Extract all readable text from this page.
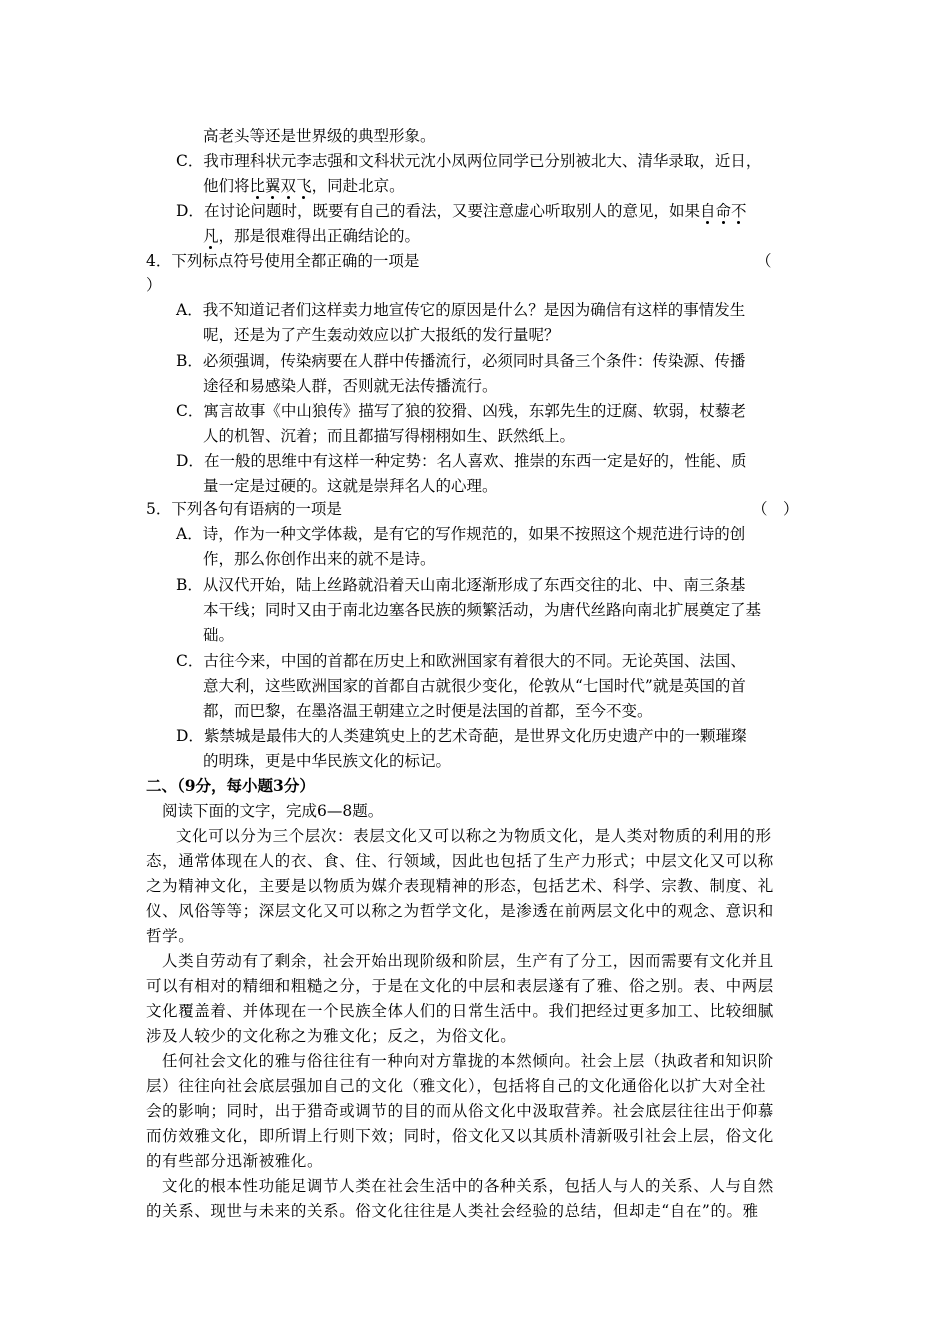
高老头等还是世界级的典型形象。
C．我市理科状元李志强和文科状元沈小凤两位同学已分别被北大、清华录取，近日，
他们将比翼双飞，同赴北京。
D．在讨论问题时，既要有自己的看法，又要注意虚心听取别人的意见，如果自命不
凡，那是很难得出正确结论的。
4．下列标点符号使用全都正确的一项是	（
）
A．我不知道记者们这样卖力地宣传它的原因是什么？是因为确信有这样的事情发生
呢，还是为了产生轰动效应以扩大报纸的发行量呢？
B．必须强调，传染病要在人群中传播流行，必须同时具备三个条件：传染源、传播
途径和易感染人群，否则就无法传播流行。
C．寓言故事《中山狼传》描写了狼的狡猾、凶残，东郭先生的迂腐、软弱，杖藜老
人的机智、沉着；而且都描写得栩栩如生、跃然纸上。
D．在一般的思维中有这样一种定势：名人喜欢、推崇的东西一定是好的，性能、质
量一定是过硬的。这就是崇拜名人的心理。
5．下列各句有语病的一项是	（　）
A．诗，作为一种文学体裁，是有它的写作规范的，如果不按照这个规范进行诗的创
作，那么你创作出来的就不是诗。
B．从汉代开始，陆上丝路就沿着天山南北逐渐形成了东西交往的北、中、南三条基
本干线；同时又由于南北边塞各民族的频繁活动，为唐代丝路向南北扩展奠定了基
础。
C．古往今来，中国的首都在历史上和欧洲国家有着很大的不同。无论英国、法国、
意大利，这些欧洲国家的首都自古就很少变化，伦敦从“七国时代”就是英国的首
都，而巴黎，在墨洛温王朝建立之时便是法国的首都，至今不变。
D．紫禁城是最伟大的人类建筑史上的艺术奇葩，是世界文化历史遗产中的一颗璀璨
的明珠，更是中华民族文化的标记。
二、（9分，每小题3分）
阅读下面的文字，完成6—8题。
文化可以分为三个层次：表层文化又可以称之为物质文化，是人类对物质的利用的形
态，通常体现在人的衣、食、住、行领域，因此也包括了生产力形式；中层文化又可以称
之为精神文化，主要是以物质为媒介表现精神的形态，包括艺术、科学、宗教、制度、礼
仪、风俗等等；深层文化又可以称之为哲学文化，是渗透在前两层文化中的观念、意识和
哲学。
人类自劳动有了剩余，社会开始出现阶级和阶层，生产有了分工，因而需要有文化并且
可以有相对的精细和粗糙之分，于是在文化的中层和表层遂有了雅、俗之别。表、中两层
文化覆盖着、并体现在一个民族全体人们的日常生活中。我们把经过更多加工、比较细腻
涉及人较少的文化称之为雅文化；反之，为俗文化。
任何社会文化的雅与俗往往有一种向对方靠拢的本然倾向。社会上层（执政者和知识阶
层）往往向社会底层强加自己的文化（雅文化），包括将自己的文化通俗化以扩大对全社
会的影响；同时，出于猎奇或调节的目的而从俗文化中汲取营养。社会底层往往出于仰慕
而仿效雅文化，即所谓上行则下效；同时，俗文化又以其质朴清新吸引社会上层，俗文化
的有些部分迅渐被雅化。
文化的根本性功能足调节人类在社会生活中的各种关系，包括人与人的关系、人与自然
的关系、现世与未来的关系。俗文化往往是人类社会经验的总结，但却走“自在”的。雅
